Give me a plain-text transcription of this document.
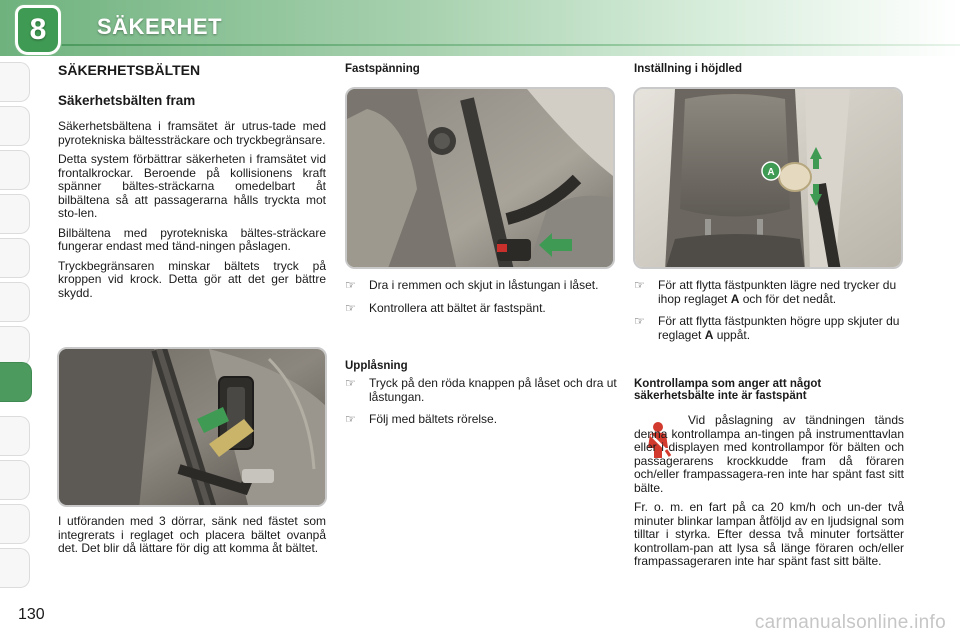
8 SÄKERHET
SÄKERHETSBÄLTEN
Säkerhetsbälten fram

Säkerhetsbältena i framsätet är utrus-tade med pyrotekniska bältessträckare och tryckbegränsare.

Detta system förbättrar säkerheten i framsätet vid frontalkrockar. Beroende på kollisionens kraft spänner bältes-sträckarna omedelbart åt bilbältena så att passagerarna hålls tryckta mot sto-len.

Bilbältena med pyrotekniska bältes-sträckare fungerar endast med tänd-ningen påslagen.

Tryckbegränsaren minskar bältets tryck på kroppen vid krock. Detta gör att det ger bättre skydd.

I utföranden med 3 dörrar, sänk ned fästet som integrerats i reglaget och placera bältet ovanpå det. Det blir då lättare för dig att komma åt bältet.
Fastspänning
☞ Dra i remmen och skjut in låstungan i låset.
☞ Kontrollera att bältet är fastspänt.
Upplåsning
☞ Tryck på den röda knappen på låset och dra ut låstungan.
☞ Följ med bältets rörelse.
Inställning i höjdled
A
☞ För att flytta fästpunkten lägre ned trycker du ihop reglaget A och för det nedåt.
☞ För att flytta fästpunkten högre upp skjuter du reglaget A uppåt.
Kontrollampa som anger att något säkerhetsbälte inte är fastspänt

Vid påslagning av tändningen tänds denna kontrollampa an-tingen på instrumenttavlan eller i displayen med kontrollampor för bälten och passagerarens krockkudde fram då föraren och/eller frampassagera-ren inte har spänt fast sitt bälte.

Fr. o. m. en fart på ca 20 km/h och un-der två minuter blinkar lampan åtföljd av en ljudsignal som tilltar i styrka. Efter dessa två minuter fortsätter kontrollam-pan att lysa så länge föraren och/eller frampassageraren inte har spänt fast sitt bälte.

130	carmanualsonline.info
